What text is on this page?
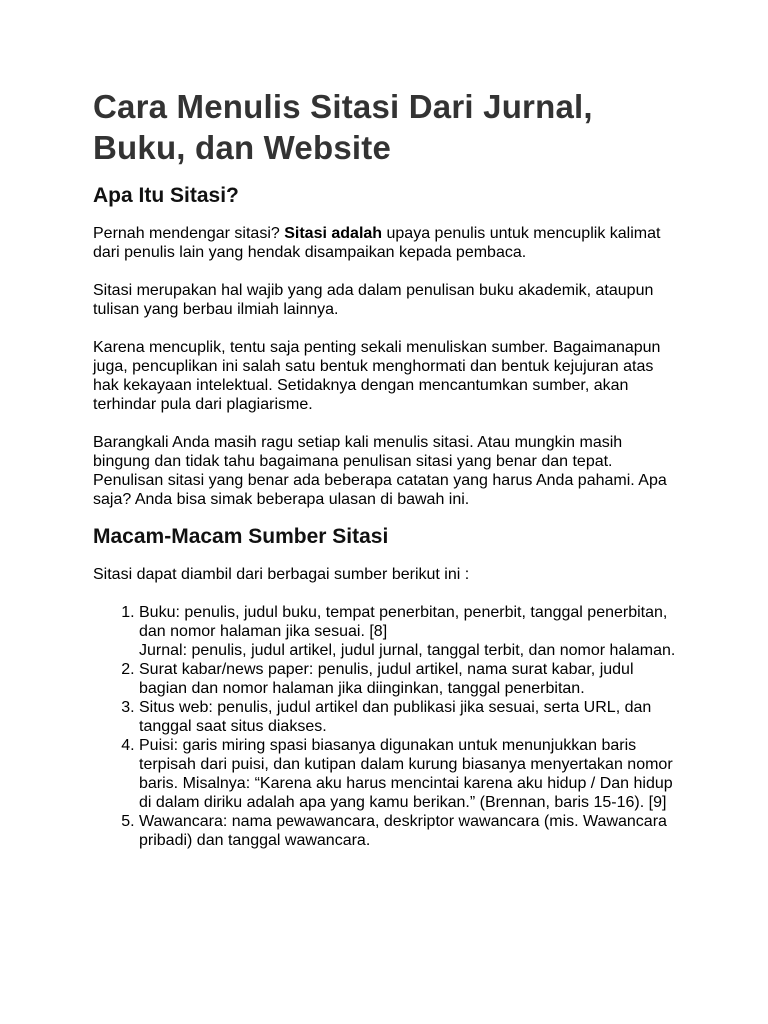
Cara Menulis Sitasi Dari Jurnal, Buku, dan Website
Apa Itu Sitasi?

Pernah mendengar sitasi? Sitasi adalah upaya penulis untuk mencuplik kalimat dari penulis lain yang hendak disampaikan kepada pembaca.

Sitasi merupakan hal wajib yang ada dalam penulisan buku akademik, ataupun tulisan yang berbau ilmiah lainnya.

Karena mencuplik, tentu saja penting sekali menuliskan sumber. Bagaimanapun juga, pencuplikan ini salah satu bentuk menghormati dan bentuk kejujuran atas hak kekayaan intelektual. Setidaknya dengan mencantumkan sumber, akan terhindar pula dari plagiarisme.

Barangkali Anda masih ragu setiap kali menulis sitasi. Atau mungkin masih bingung dan tidak tahu bagaimana penulisan sitasi yang benar dan tepat. Penulisan sitasi yang benar ada beberapa catatan yang harus Anda pahami. Apa saja? Anda bisa simak beberapa ulasan di bawah ini.

Macam-Macam Sumber Sitasi

Sitasi dapat diambil dari berbagai sumber berikut ini :

1. Buku: penulis, judul buku, tempat penerbitan, penerbit, tanggal penerbitan, dan nomor halaman jika sesuai. [8]
Jurnal: penulis, judul artikel, judul jurnal, tanggal terbit, dan nomor halaman.
2. Surat kabar/news paper: penulis, judul artikel, nama surat kabar, judul bagian dan nomor halaman jika diinginkan, tanggal penerbitan.
3. Situs web: penulis, judul artikel dan publikasi jika sesuai, serta URL, dan tanggal saat situs diakses.
4. Puisi: garis miring spasi biasanya digunakan untuk menunjukkan baris terpisah dari puisi, dan kutipan dalam kurung biasanya menyertakan nomor baris. Misalnya: “Karena aku harus mencintai karena aku hidup / Dan hidup di dalam diriku adalah apa yang kamu berikan.” (Brennan, baris 15-16). [9]
5. Wawancara: nama pewawancara, deskriptor wawancara (mis. Wawancara pribadi) dan tanggal wawancara.
